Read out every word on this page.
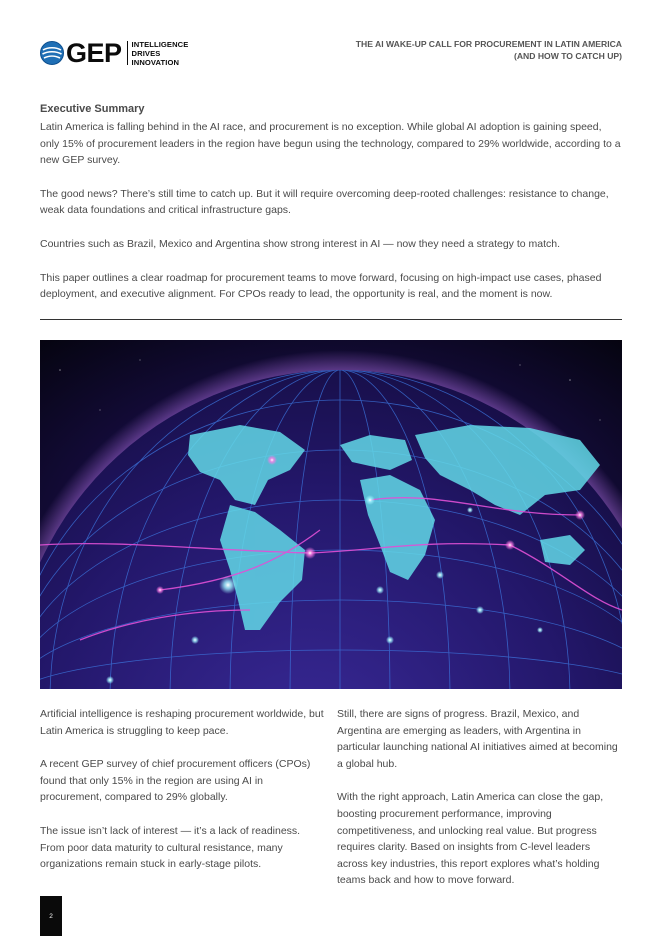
GEP INTELLIGENCE
DRIVES
INNOVATION
THE AI WAKE-UP CALL FOR PROCUREMENT IN LATIN AMERICA
(AND HOW TO CATCH UP)
Executive Summary

Latin America is falling behind in the AI race, and procurement is no exception. While global AI adoption is gaining speed, only 15% of procurement leaders in the region have begun using the technology, compared to 29% worldwide, according to a new GEP survey.

The good news? There’s still time to catch up. But it will require overcoming deep-rooted challenges: resistance to change, weak data foundations and critical infrastructure gaps.

Countries such as Brazil, Mexico and Argentina show strong interest in AI — now they need a strategy to match.

This paper outlines a clear roadmap for procurement teams to move forward, focusing on high-impact use cases, phased deployment, and executive alignment. For CPOs ready to lead, the opportunity is real, and the moment is now.

Artificial intelligence is reshaping procurement worldwide, but Latin America is struggling to keep pace.

A recent GEP survey of chief procurement officers (CPOs) found that only 15% in the region are using AI in procurement, compared to 29% globally.

The issue isn’t lack of interest — it’s a lack of readiness. From poor data maturity to cultural resistance, many organizations remain stuck in early-stage pilots.

Still, there are signs of progress. Brazil, Mexico, and Argentina are emerging as leaders, with Argentina in particular launching national AI initiatives aimed at becoming a global hub.

With the right approach, Latin America can close the gap, boosting procurement performance, improving competitiveness, and unlocking real value. But progress requires clarity. Based on insights from C-level leaders across key industries, this report explores what’s holding teams back and how to move forward.

2
